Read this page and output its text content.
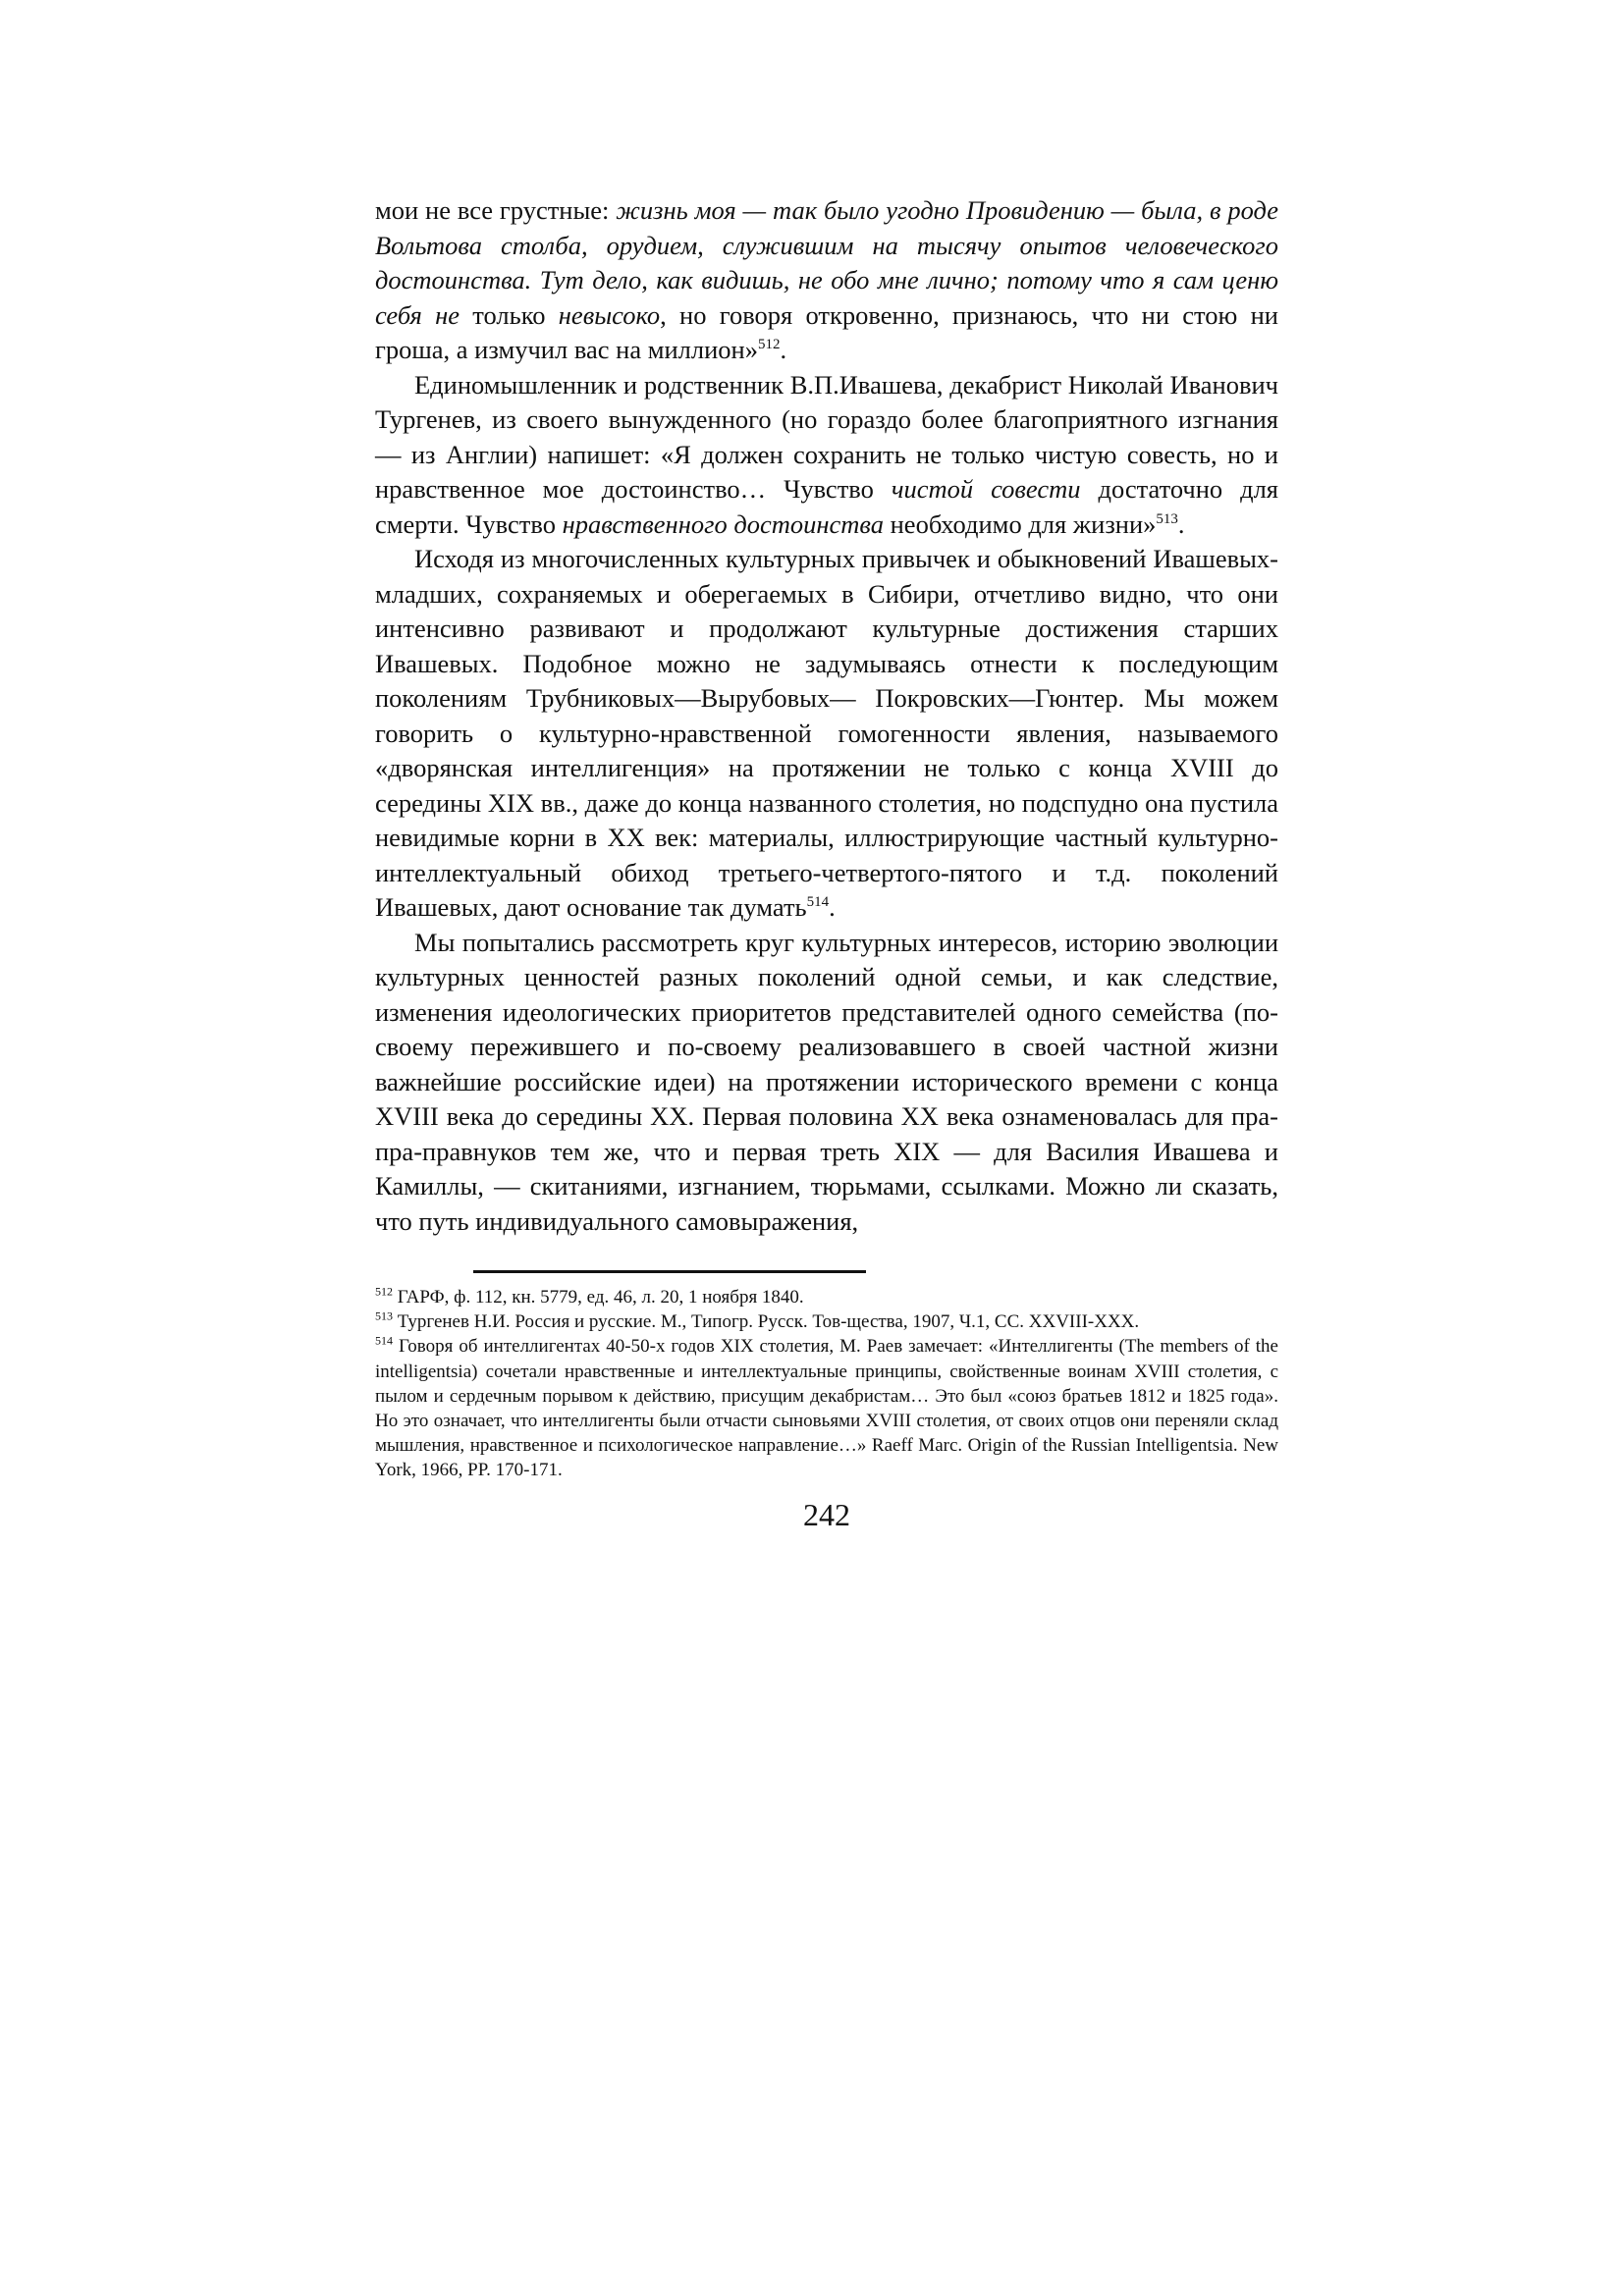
мои не все грустные: жизнь моя — так было угодно Провидению — была, в роде Вольтова столба, орудием, служившим на тысячу опытов человечеcкого достоинства. Тут дело, как видишь, не обо мне лично; потому что я сам ценю себя не только невысоко, но говоря откровенно, признаюсь, что ни стою ни гроша, а измучил вас на миллион»$^{512}$.

Единомышленник и родственник В.П.Ивашева, декабрист Николай Иванович Тургенев, из своего вынужденного (но гораздо более благоприятного изгнания — из Англии) напишет: «Я должен сохранить не только чистую совесть, но и нравственное мое достоинство… Чувство чистой совести достаточно для смерти. Чувство нравственного достоинства необходимо для жизни»$^{513}$.

Исходя из многочисленных культурных привычек и обыкновений Ивашевых-младших, сохраняемых и оберегаемых в Сибири, отчетливо видно, что они интенсивно развивают и продолжают культурные достижения старших Ивашевых. Подобное можно не задумываясь отнести к последующим поколениям Трубниковых—Вырубовых— Покровских—Гюнтер. Мы можем говорить о культурно-нравственной гомогенности явления, называемого «дворянская интеллигенция» на протяжении не только с конца XVIII до середины XIX вв., даже до конца названного столетия, но подспудно она пустила невидимые корни в XX век: материалы, иллюстрирующие частный культурно-интеллектуальный обиход третьего-четвертого-пятого и т.д. поколений Ивашевых, дают основание так думать$^{514}$.

Мы попытались рассмотреть круг культурных интересов, историю эволюции культурных ценностей разных поколений одной семьи, и как следствие, изменения идеологических приоритетов представителей одного семейства (по-своему пережившего и по-своему реализовавшего в своей частной жизни важнейшие российские идеи) на протяжении исторического времени с конца XVIII века до середины XX. Первая половина XX века ознаменовалась для пра-пра-правнуков тем же, что и первая треть XIX — для Василия Ивашева и Камиллы, — скитаниями, изгнанием, тюрьмами, ссылками. Можно ли сказать, что путь индивидуального самовыражения,

$^{512}$ ГАРФ, ф. 112, кн. 5779, ед. 46, л. 20, 1 ноября 1840.

$^{513}$ Тургенев Н.И. Россия и русские. М., Типогр. Русск. Тов-щества, 1907, Ч.1, СС. XXVIII-XXX.

$^{514}$ Говоря об интеллигентах 40-50-х годов XIX столетия, М. Раев замечает: «Интеллигенты (The members of the intelligentsia) сочетали нравственные и интеллектуальные принципы, свойственные воинам XVIII столетия, с пылом и сердечным порывом к действию, присущим декабристам… Это был «союз братьев 1812 и 1825 года». Но это означает, что интеллигенты были отчасти сыновьями XVIII столетия, от своих отцов они переняли склад мышления, нравственное и психологическое направление…» Raeff Marc. Origin of the Russian Intelligentsia. New York, 1966, PP. 170-171.

242
